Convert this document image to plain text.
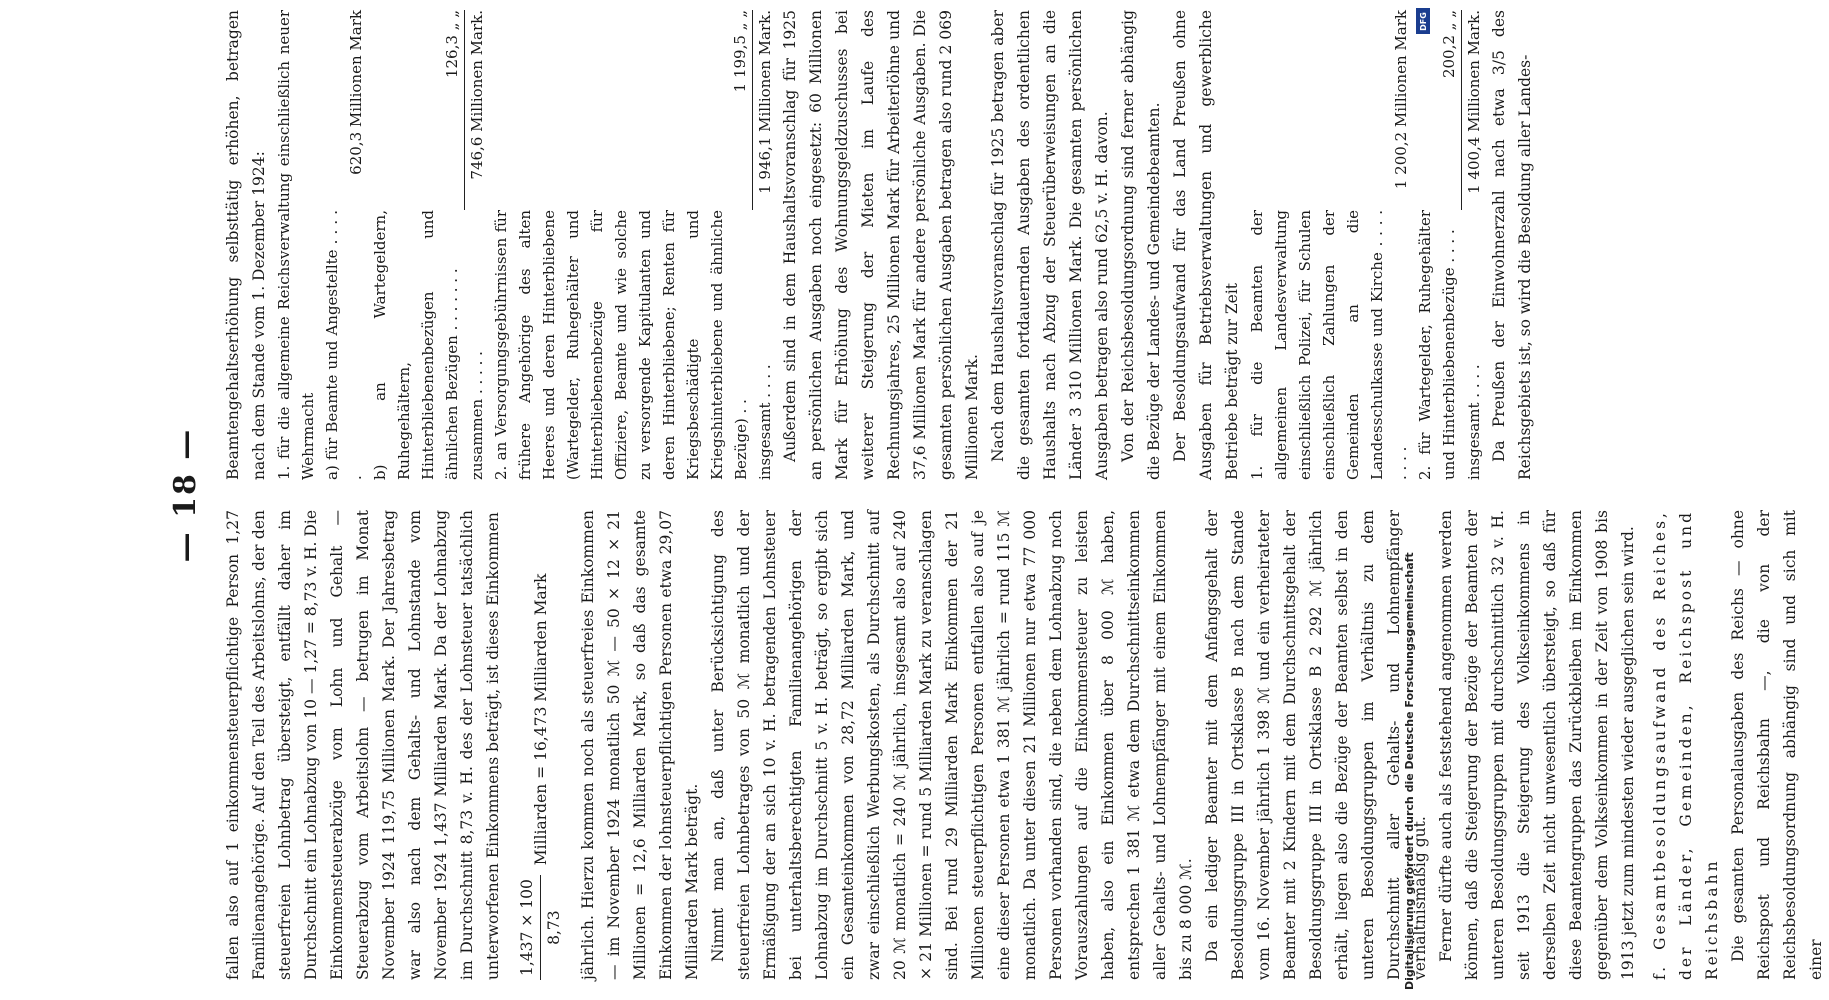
— 18 —

fallen also auf 1 einkommensteuerpflichtige Person 1,27 Familienangehörige. Auf den Teil des Arbeitslohns, der den steuerfreien Lohnbetrag übersteigt, entfällt daher im Durchschnitt ein Lohnabzug von 10 — 1,27 = 8,73 v. H. Die Einkommensteuerabzüge vom Lohn und Gehalt — Steuerabzug vom Arbeitslohn — betrugen im Monat November 1924 119,75 Millionen Mark. Der Jahresbetrag war also nach dem Gehalts- und Lohnstande vom November 1924 1,437 Milliarden Mark. Da der Lohnabzug im Durchschnitt 8,73 v. H. des der Lohnsteuer tatsächlich unterworfenen Einkommens beträgt, ist dieses Einkommen 1,437 × 100 8,73
Milliarden = 16,473 Milliarden Mark jährlich. Hierzu kommen noch als steuerfreies Einkommen — im November 1924 monatlich 50 ℳ — 50 × 12 × 21 Millionen = 12,6 Milliarden Mark, so daß das gesamte Einkommen der lohnsteuerpflichtigen Personen etwa 29,07 Milliarden Mark beträgt. Nimmt man an, daß unter Berücksichtigung des steuerfreien Lohnbetrages von 50 ℳ monatlich und der Ermäßigung der an sich 10 v. H. betragenden Lohnsteuer bei unterhaltsberechtigten Familienangehörigen der Lohnabzug im Durchschnitt 5 v. H. beträgt, so ergibt sich ein Gesamteinkommen von 28,72 Milliarden Mark, und zwar einschließlich Werbungskosten, als Durchschnitt auf 20 ℳ monatlich = 240 ℳ jährlich, insgesamt also auf 240 × 21 Millionen = rund 5 Milliarden Mark zu veranschlagen sind. Bei rund 29 Milliarden Mark Einkommen der 21 Millionen steuerpflichtigen Personen entfallen also auf je eine dieser Personen etwa 1 381 ℳ jährlich = rund 115 ℳ monatlich. Da unter diesen 21 Millionen nur etwa 77 000 Personen vorhanden sind, die neben dem Lohnabzug noch Vorauszahlungen auf die Einkommensteuer zu leisten haben, also ein Einkommen über 8 000 ℳ haben, entsprechen 1 381 ℳ etwa dem Durchschnittseinkommen aller Gehalts- und Lohnempfänger mit einem Einkommen bis zu 8 000 ℳ. Da ein lediger Beamter mit dem Anfangsgehalt der Besoldungsgruppe III in Ortsklasse B nach dem Stande vom 16. November jährlich 1 398 ℳ und ein verheirateter Beamter mit 2 Kindern mit dem Durchschnittsgehalt der Besoldungsgruppe III in Ortsklasse B 2 292 ℳ jährlich erhält, liegen also die Bezüge der Beamten selbst in den unteren Besoldungsgruppen im Verhältnis zu dem Durchschnitt aller Gehalts- und Lohnempfänger verhältnismäßig gut. Ferner dürfte auch als feststehend angenommen werden können, daß die Steigerung der Bezüge der Beamten der unteren Besoldungsgruppen mit durchschnittlich 32 v. H. seit 1913 die Steigerung des Volkseinkommens in derselben Zeit nicht unwesentlich übersteigt, so daß für diese Beamtengruppen das Zurückbleiben im Einkommen gegenüber dem Volkseinkommen in der Zeit von 1908 bis 1913 jetzt zum mindesten wieder ausgeglichen sein wird. f. Gesamtbesoldungsaufwand des Reiches, der Länder, Gemeinden, Reichspost und Reichsbahn Die gesamten Personalausgaben des Reichs — ohne Reichspost und Reichsbahn —, die von der Reichsbesoldungsordnung abhängig sind und sich mit einer

Beamtengehaltserhöhung selbsttätig erhöhen, betragen nach dem Stande vom 1. Dezember 1924: 1. für die allgemeine Reichsverwaltung einschließlich neuer Wehrmacht	
a) für Beamte und Angestellte . . . . .	620,3 Millionen Mark
b) an Wartegeldern, Ruhegehältern, Hinterbliebenenbezügen und ähnlichen Bezügen . . . . . . .	126,3 „ „
zusammen . . . . .	746,6 Millionen Mark.
2. an Versorgungsgebührnissen für frühere Angehörige des alten Heeres und deren Hinterbliebene (Wartegelder, Ruhegehälter und Hinterbliebenenbezüge für Offiziere, Beamte und wie solche zu versorgende Kapitulanten und deren Hinterbliebene; Renten für Kriegsbeschädigte und Kriegshinterbliebene und ähnliche Bezüge) . .	1 199,5 „ „
insgesamt . . . .	1 946,1 Millionen Mark. Außerdem sind in dem Haushaltsvoranschlag für 1925 an persönlichen Ausgaben noch eingesetzt: 60 Millionen Mark für Erhöhung des Wohnungsgeldzuschusses bei weiterer Steigerung der Mieten im Laufe des Rechnungsjahres, 25 Millionen Mark für Arbeiterlöhne und 37,6 Millionen Mark für andere persönliche Ausgaben. Die gesamten persönlichen Ausgaben betragen also rund 2 069 Millionen Mark. Nach dem Haushaltsvoranschlag für 1925 betragen aber die gesamten fortdauernden Ausgaben des ordentlichen Haushalts nach Abzug der Steuerüberweisungen an die Länder 3 310 Millionen Mark. Die gesamten persönlichen Ausgaben betragen also rund 62,5 v. H. davon. Von der Reichsbesoldungsordnung sind ferner abhängig die Bezüge der Landes- und Gemeindebeamten. Der Besoldungsaufwand für das Land Preußen ohne Ausgaben für Betriebsverwaltungen und gewerbliche Betriebe beträgt zur Zeit 1. für die Beamten der allgemeinen Landesverwaltung einschließlich Polizei, für Schulen einschließlich Zahlungen der Gemeinden an die Landesschulkasse und Kirche . . . . . . . .	1 200,2 Millionen Mark
2. für Wartegelder, Ruhegehälter und Hinterbliebenenbezüge . . . .	200,2 „ „
insgesamt . . . .	1 400,4 Millionen Mark. Da Preußen der Einwohnerzahl nach etwa 3/5 des Reichsgebiets ist, so wird die Besoldung aller Landes-

Digitalisierung gefördert durch die Deutsche Forschungsgemeinschaft
DFG
